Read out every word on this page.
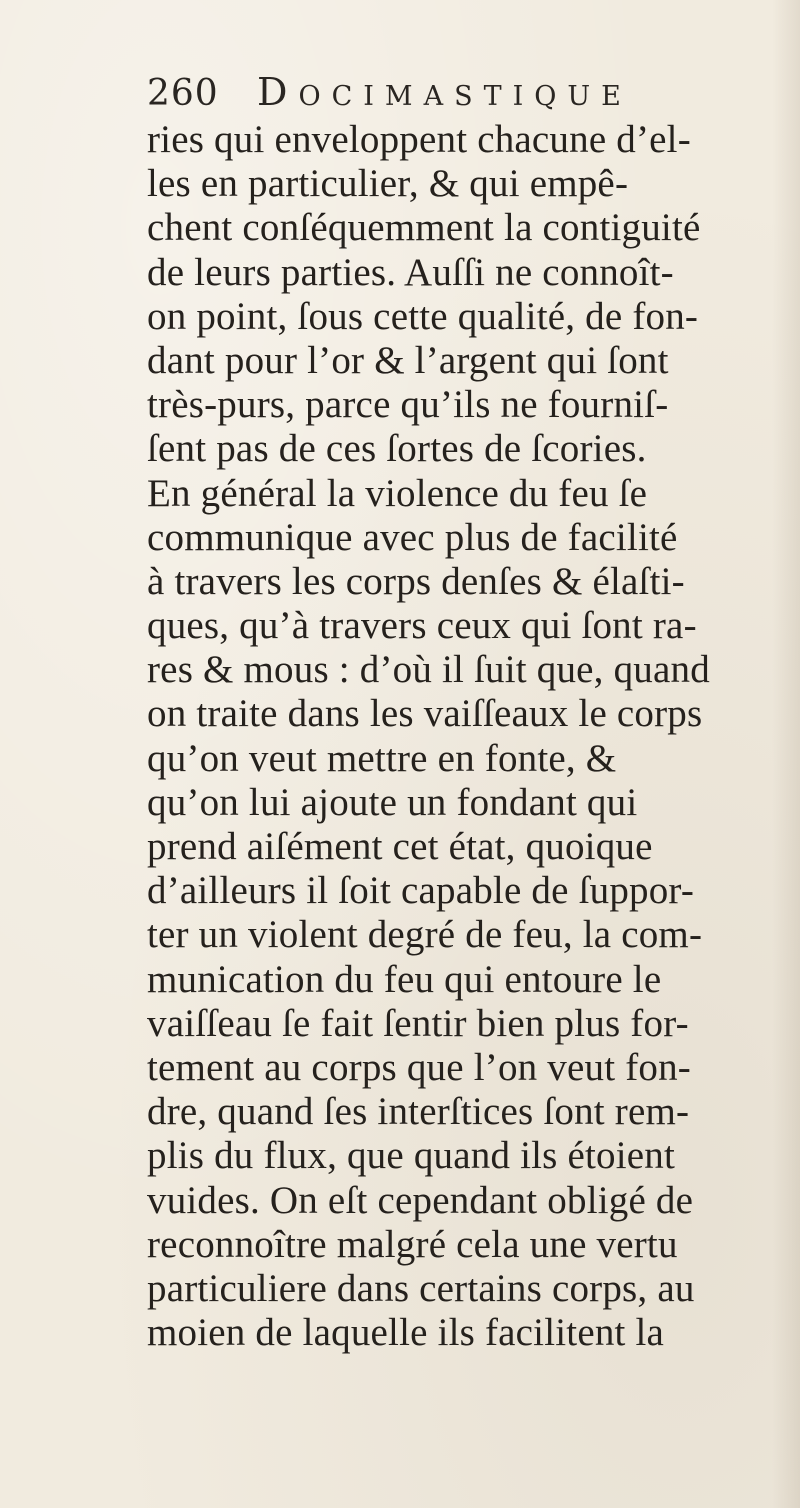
260 Docimastique
ries qui enveloppent chacune d’el-
les en particulier, & qui empê-
chent conſéquemment la contiguité
de leurs parties. Auſſi ne connoît-
on point, ſous cette qualité, de fon-
dant pour l’or & l’argent qui ſont
très-purs, parce qu’ils ne fourniſ-
ſent pas de ces ſortes de ſcories.
En général la violence du feu ſe
communique avec plus de facilité
à travers les corps denſes & élaſti-
ques, qu’à travers ceux qui ſont ra-
res & mous : d’où il ſuit que, quand
on traite dans les vaiſſeaux le corps
qu’on veut mettre en fonte, &
qu’on lui ajoute un fondant qui
prend aiſément cet état, quoique
d’ailleurs il ſoit capable de ſuppor-
ter un violent degré de feu, la com-
munication du feu qui entoure le
vaiſſeau ſe fait ſentir bien plus for-
tement au corps que l’on veut fon-
dre, quand ſes interſtices ſont rem-
plis du flux, que quand ils étoient
vuides. On eſt cependant obligé de
reconnoître malgré cela une vertu
particuliere dans certains corps, au
moien de laquelle ils facilitent la
